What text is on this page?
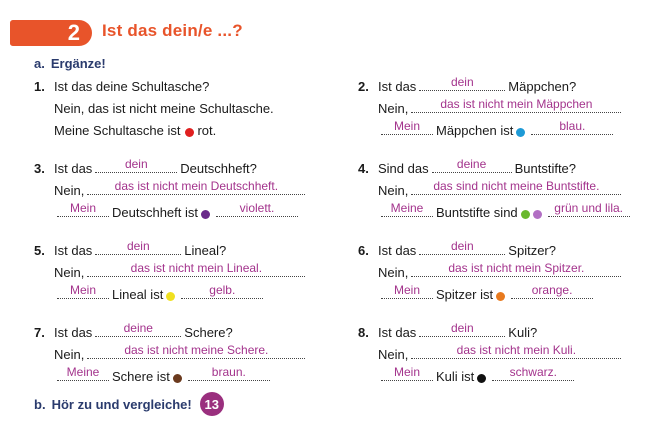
2	Ist das dein/e ...?
a. Ergänze!
1. Ist das deine Schultasche?
Nein, das ist nicht meine Schultasche.
Meine Schultasche ist rot.
2. Ist das	dein	Mäppchen?
Nein,	das ist nicht mein Mäppchen
Mein	Mäppchen ist	blau.
3. Ist das	dein	Deutschheft?
Nein,	das ist nicht mein Deutschheft.
Mein	Deutschheft ist	violett.
4. Sind das	deine	Buntstifte?
Nein,	das sind nicht meine Buntstifte.
Meine Buntstifte sind	grün und lila.
5. Ist das	dein	Lineal?
Nein,	das ist nicht mein Lineal.
Mein	Lineal ist	gelb.
6. Ist das	dein	Spitzer?
Nein,	das ist nicht mein Spitzer.
Mein	Spitzer ist	orange.
7. Ist das	deine	Schere?
Nein,	das ist nicht meine Schere.
Meine Schere ist	braun.
8. Ist das	dein	Kuli?
Nein,	das ist nicht mein Kuli.
Mein	Kuli ist	schwarz.
b. Hör zu und vergleiche! 13
